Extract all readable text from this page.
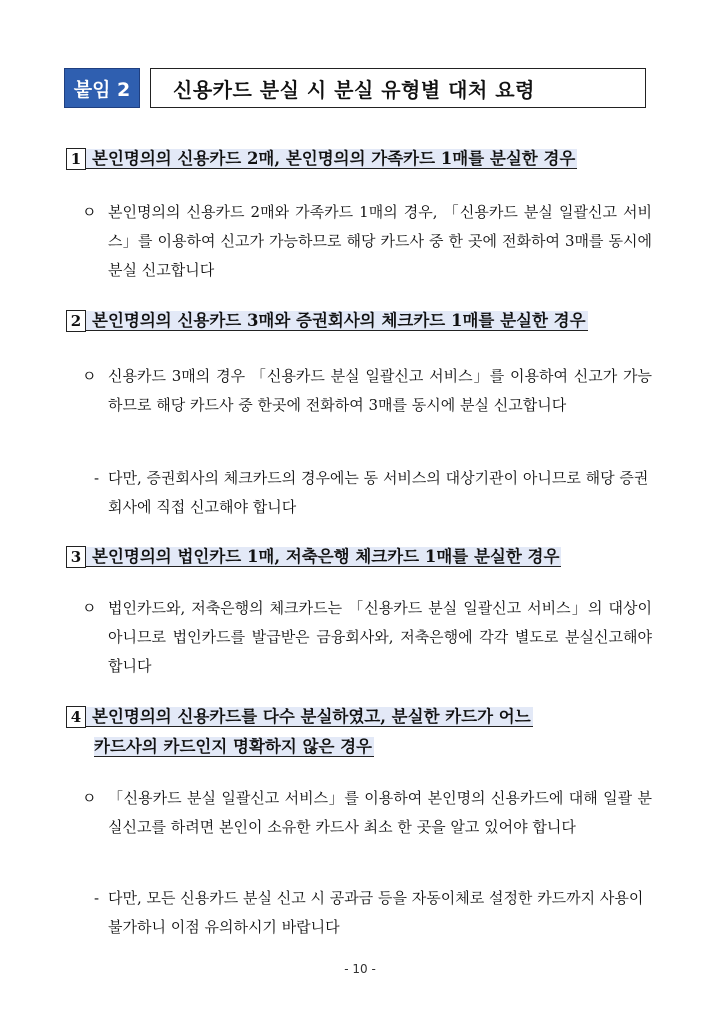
붙임 2	신용카드 분실 시 분실 유형별 대처 요령
1 본인명의의 신용카드 2매, 본인명의의 가족카드 1매를 분실한 경우
ㅇ 본인명의의 신용카드 2매와 가족카드 1매의 경우, 「신용카드 분실 일괄신고 서비스」를 이용하여 신고가 가능하므로 해당 카드사 중 한 곳에 전화하여 3매를 동시에 분실 신고합니다
2 본인명의의 신용카드 3매와 증권회사의 체크카드 1매를 분실한 경우
ㅇ 신용카드 3매의 경우 「신용카드 분실 일괄신고 서비스」를 이용하여 신고가 가능하므로 해당 카드사 중 한곳에 전화하여 3매를 동시에 분실 신고합니다
- 다만, 증권회사의 체크카드의 경우에는 동 서비스의 대상기관이 아니므로 해당 증권회사에 직접 신고해야 합니다
3 본인명의의 법인카드 1매, 저축은행 체크카드 1매를 분실한 경우
ㅇ 법인카드와, 저축은행의 체크카드는 「신용카드 분실 일괄신고 서비스」의 대상이 아니므로 법인카드를 발급받은 금융회사와, 저축은행에 각각 별도로 분실신고해야 합니다
4 본인명의의 신용카드를 다수 분실하였고, 분실한 카드가 어느
카드사의 카드인지 명확하지 않은 경우
ㅇ 「신용카드 분실 일괄신고 서비스」를 이용하여 본인명의 신용카드에 대해 일괄 분실신고를 하려면 본인이 소유한 카드사 최소 한 곳을 알고 있어야 합니다
- 다만, 모든 신용카드 분실 신고 시 공과금 등을 자동이체로 설정한 카드까지 사용이 불가하니 이점 유의하시기 바랍니다
- 10 -
